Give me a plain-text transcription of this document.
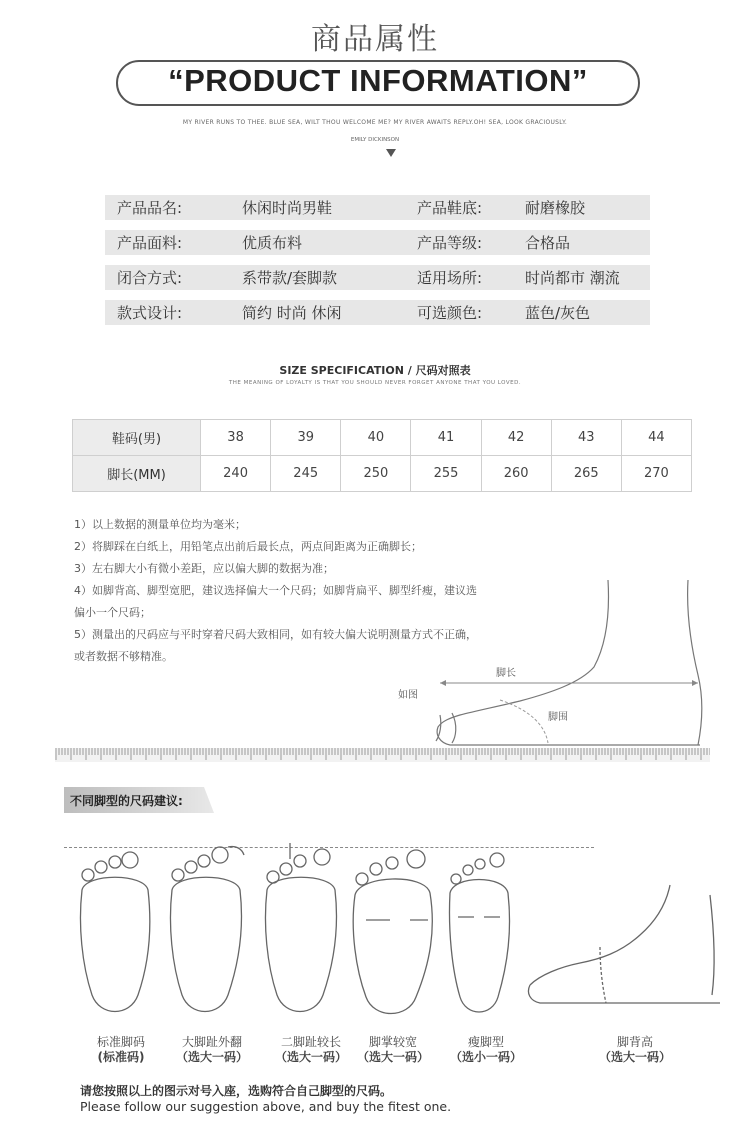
商品属性
“PRODUCT INFORMATION”
MY RIVER RUNS TO THEE. BLUE SEA, WILT THOU WELCOME ME? MY RIVER AWAITS REPLY.OH! SEA, LOOK GRACIOUSLY.
EMILY DICKINSON
产品品名:	休闲时尚男鞋	产品鞋底:	耐磨橡胶
产品面料:	优质布料	产品等级:	合格品
闭合方式:	系带款/套脚款	适用场所:	时尚都市 潮流
款式设计:	简约 时尚 休闲	可选颜色:	蓝色/灰色
SIZE SPECIFICATION / 尺码对照表
THE MEANING OF LOYALTY IS THAT YOU SHOULD NEVER FORGET ANYONE THAT YOU LOVED.
鞋码(男)	38	39	40	41	42	43	44
脚长(MM)	240	245	250	255	260	265	270
1）以上数据的测量单位均为毫米；
2）将脚踩在白纸上，用铅笔点出前后最长点，两点间距离为正确脚长；
3）左右脚大小有微小差距，应以偏大脚的数据为准；
4）如脚背高、脚型宽肥，建议选择偏大一个尺码；如脚背扁平、脚型纤瘦，建议选
偏小一个尺码；
5）测量出的尺码应与平时穿着尺码大致相同，如有较大偏大说明测量方式不正确，
或者数据不够精准。
脚长
如图
脚围
不同脚型的尺码建议:
标准脚码
(标准码)
大脚趾外翻
（选大一码）
二脚趾较长
（选大一码）
脚掌较宽
（选大一码）
瘦脚型
（选小一码）
脚背高
（选大一码）
请您按照以上的图示对号入座，选购符合自己脚型的尺码。
Please follow our suggestion above, and buy the fitest one.
